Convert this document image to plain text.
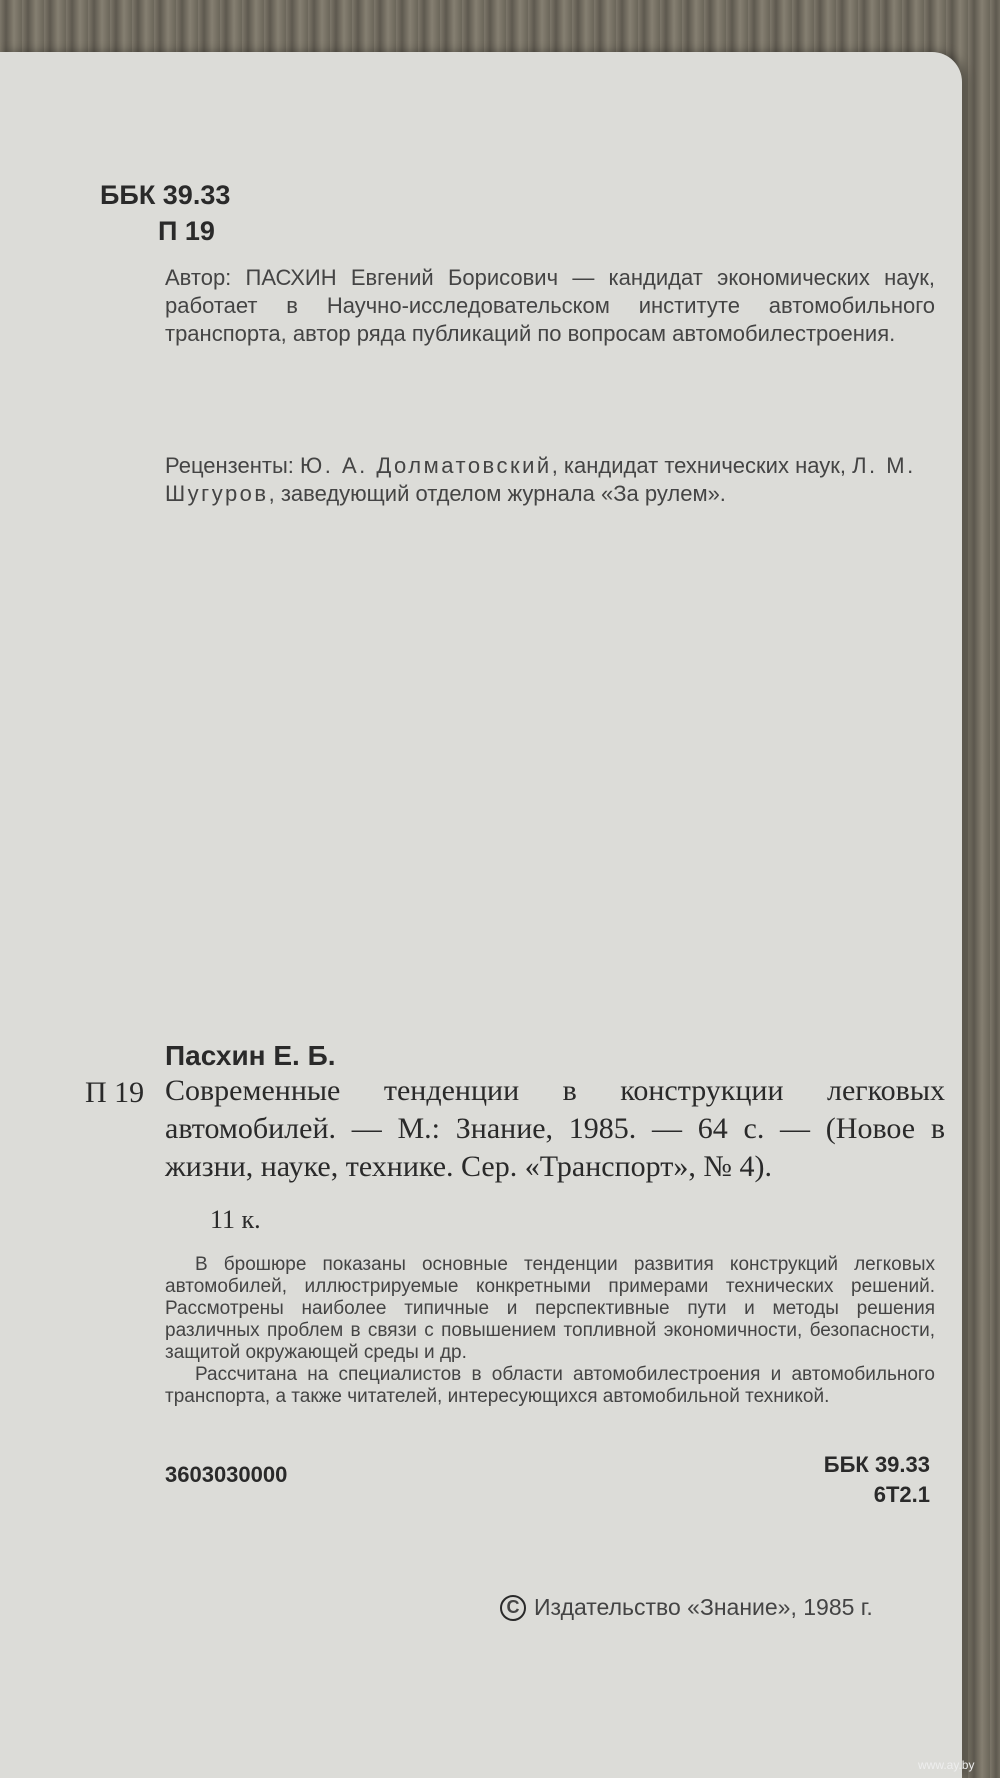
ББК 39.33
П 19

Автор: ПАСХИН Евгений Борисович — кандидат экономических наук, работает в Научно-исследовательском институте автомобильного транспорта, автор ряда публикаций по вопросам автомобилестроения.

Рецензенты: Ю. А. Долматовский, кандидат технических наук, Л. М. Шугуров, заведующий отделом журнала «За рулем».

Пасхин Е. Б.
П 19 Современные тенденции в конструкции легковых автомобилей. — М.: Знание, 1985. — 64 с. — (Новое в жизни, науке, технике. Сер. «Транспорт», № 4).

11 к.

В брошюре показаны основные тенденции развития конструкций легковых автомобилей, иллюстрируемые конкретными примерами технических решений. Рассмотрены наиболее типичные и перспективные пути и методы решения различных проблем в связи с повышением топливной экономичности, безопасности, защитой окружающей среды и др.

Рассчитана на специалистов в области автомобилестроения и автомобильного транспорта, а также читателей, интересующихся автомобильной техникой.

3603030000	ББК 39.33
6Т2.1
C Издательство «Знание», 1985 г.
www.ay.by
